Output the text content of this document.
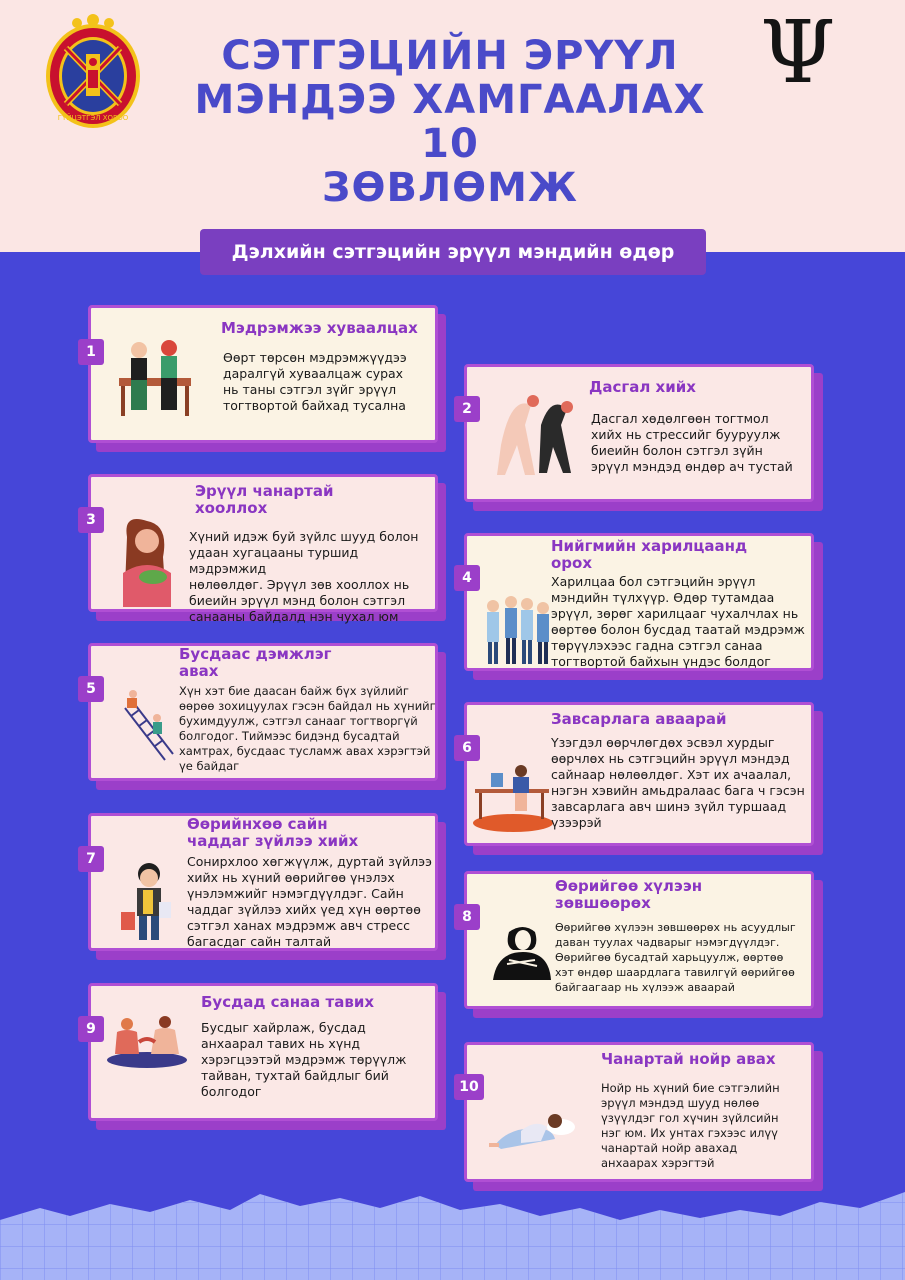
ГҮЙЦЭТГЭЛ ХОРОО
Ψ
СЭТГЭЦИЙН ЭРҮҮЛ
МЭНДЭЭ ХАМГААЛАХ 10
ЗӨВЛӨМЖ
Дэлхийн сэтгэцийн эрүүл мэндийн өдөр
Мэдрэмжээ хуваалцах
Өөрт төрсөн мэдрэмжүүдээ
даралгүй хуваалцаж сурах
нь таны сэтгэл зүйг эрүүл
тогтвортой байхад тусална
1
Дасгал хийх
Дасгал хөдөлгөөн тогтмол
хийх нь стрессийг бууруулж
биеийн болон сэтгэл зүйн
эрүүл мэндэд өндөр ач тустай
2
Эрүүл чанартай
хооллох
Хүний идэж буй зүйлс шууд болон
удаан хугацааны туршид мэдрэмжид
нөлөөлдөг. Эрүүл зөв хооллох нь
биеийн эрүүл мэнд болон сэтгэл
санааны байдалд нэн чухал юм
3
Нийгмийн харилцаанд
орох
Харилцаа бол сэтгэцийн эрүүл
мэндийн түлхүүр. Өдөр тутамдаа
эрүүл, зөрөг харилцааг чухалчлах нь
өөртөө болон бусдад таатай мэдрэмж
төрүүлэхээс гадна сэтгэл санаа
тогтвортой байхын үндэс болдог
4
Бусдаас дэмжлэг
авах
Хүн хэт бие даасан байж бүх зүйлийг
өөрөө зохицуулах гэсэн байдал нь хүнийг
бухимдуулж, сэтгэл санааг тогтворгүй
болгодог. Тиймээс бидэнд бусадтай
хамтрах, бусдаас тусламж авах хэрэгтэй
үе байдаг
5
Завсарлага аваарай
Үзэгдэл өөрчлөгдөх эсвэл хурдыг
өөрчлөх нь сэтгэцийн эрүүл мэндэд
сайнаар нөлөөлдөг. Хэт их ачаалал,
нэгэн хэвийн амьдралаас бага ч гэсэн
завсарлага авч шинэ зүйл туршаад
үзээрэй
6
Өөрийнхөө сайн
чаддаг зүйлээ хийх
Сонирхлоо хөгжүүлж, дуртай зүйлээ
хийх нь хүний өөрийгөө үнэлэх
үнэлэмжийг нэмэгдүүлдэг. Сайн
чаддаг зүйлээ хийх үед хүн өөртөө
сэтгэл ханах мэдрэмж авч стресс
багасдаг сайн талтай
7
Өөрийгөө хүлээн
зөвшөөрөх
Өөрийгөө хүлээн зөвшөөрөх нь асуудлыг
даван туулах чадварыг нэмэгдүүлдэг.
Өөрийгөө бусадтай харьцуулж, өөртөө
хэт өндөр шаардлага тавилгүй өөрийгөө
байгаагаар нь хүлээж аваарай
8
Бусдад санаа тавих
Бусдыг хайрлаж, бусдад
анхаарал тавих нь хүнд
хэрэгцээтэй мэдрэмж төрүүлж
тайван, тухтай байдлыг бий
болгодог
9
Чанартай нойр авах
Нойр нь хүний бие сэтгэлийн
эрүүл мэндэд шууд нөлөө
үзүүлдэг гол хүчин зүйлсийн
нэг юм. Их унтах гэхээс илүү
чанартай нойр авахад
анхаарах хэрэгтэй
10
